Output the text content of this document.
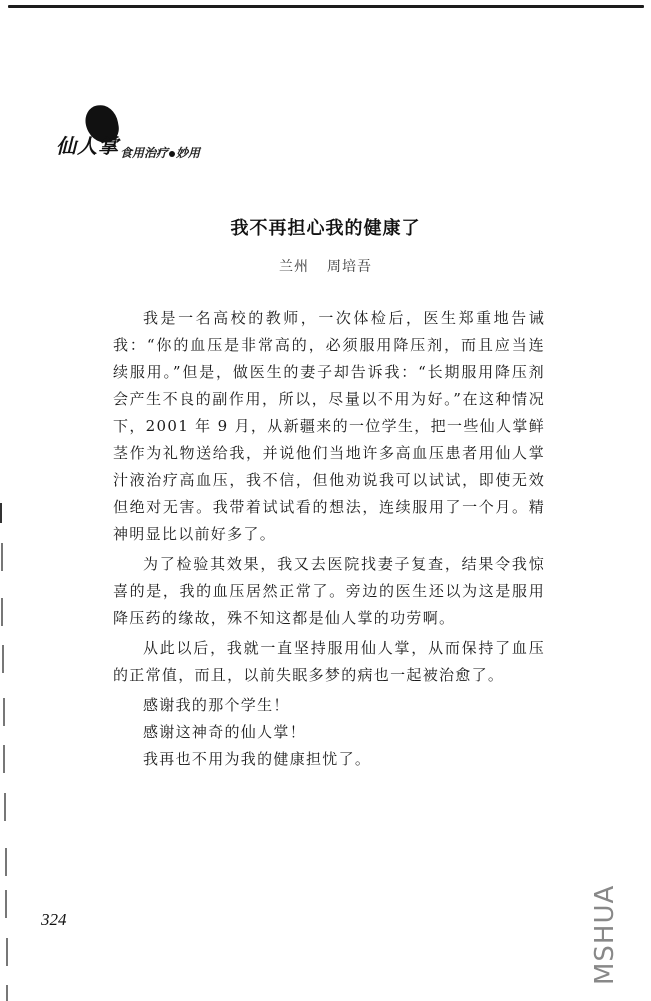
仙人掌 食用治疗 妙用
我不再担心我的健康了
兰州 周培吾

我是一名高校的教师，一次体检后，医生郑重地告诫我：“你的血压是非常高的，必须服用降压剂，而且应当连续服用。”但是，做医生的妻子却告诉我：“长期服用降压剂会产生不良的副作用，所以，尽量以不用为好。”在这种情况下，2001 年 9 月，从新疆来的一位学生，把一些仙人掌鲜茎作为礼物送给我，并说他们当地许多高血压患者用仙人掌汁液治疗高血压，我不信，但他劝说我可以试试，即使无效但绝对无害。我带着试试看的想法，连续服用了一个月。精神明显比以前好多了。

为了检验其效果，我又去医院找妻子复查，结果令我惊喜的是，我的血压居然正常了。旁边的医生还以为这是服用降压药的缘故，殊不知这都是仙人掌的功劳啊。

从此以后，我就一直坚持服用仙人掌，从而保持了血压的正常值，而且，以前失眠多梦的病也一起被治愈了。

感谢我的那个学生！

感谢这神奇的仙人掌！

我再也不用为我的健康担忧了。

324	MSHUA
